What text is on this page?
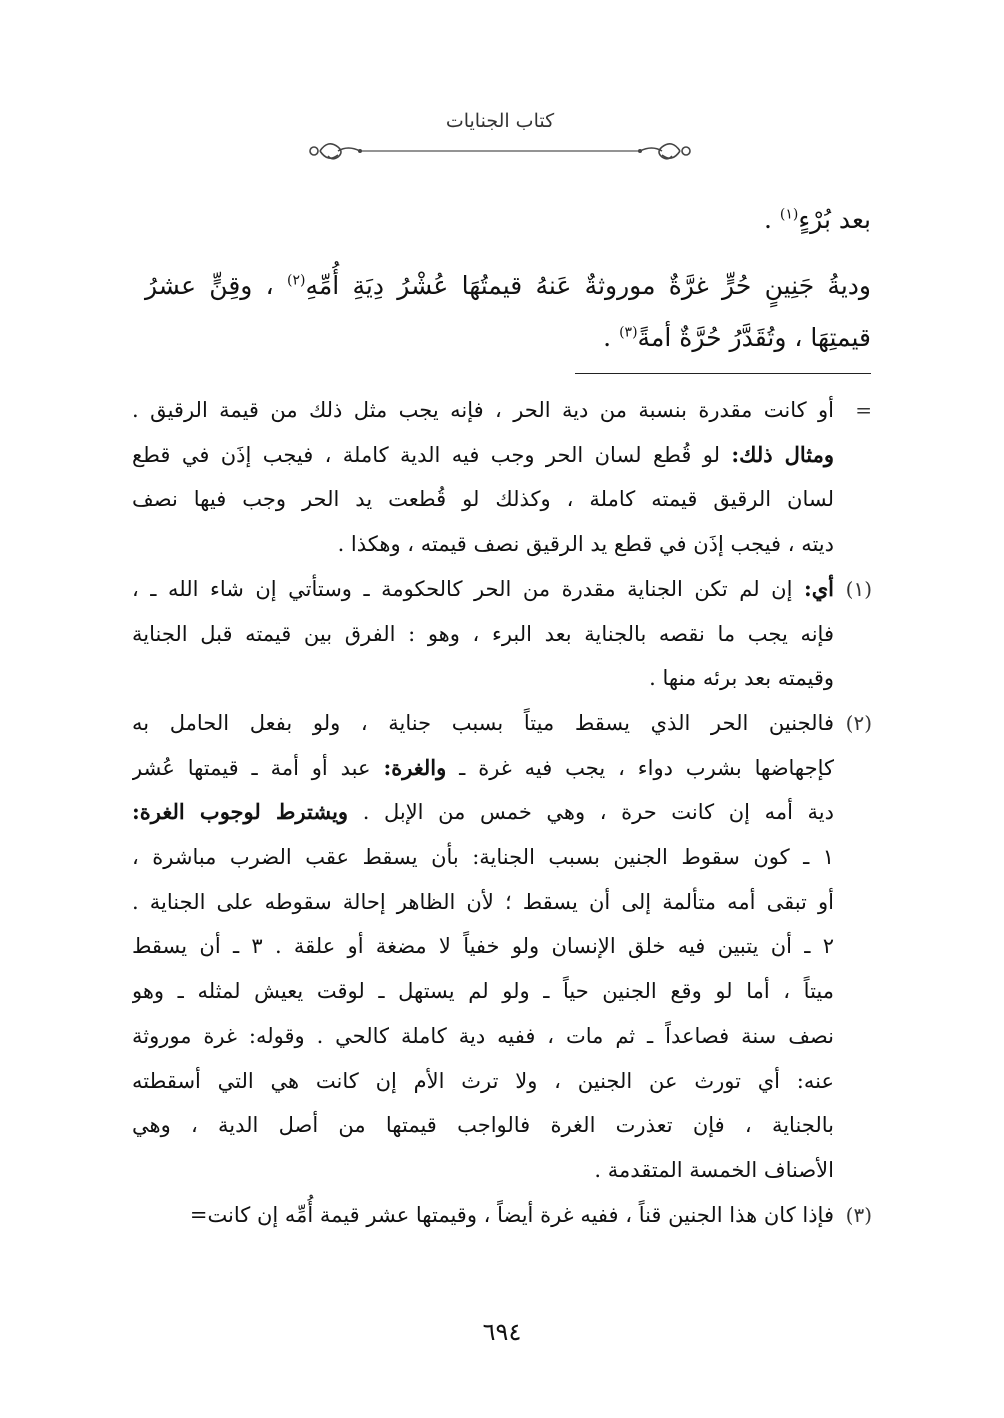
كتاب الجنايات
بعد بُرْءٍ$^{(١)}$ .
وديةُ جَنِينٍ حُرٍّ غرَّةٌ موروثةٌ عَنهُ قيمتُهَا عُشْرُ دِيَةِ أُمِّهِ$^{(٢)}$ ، وقِنٍّ عشرُ
قيمتِهَا ، وتُقَدَّرُ حُرَّةٌ أمةً$^{(٣)}$ .
=
أو كانت مقدرة بنسبة من دية الحر ، فإنه يجب مثل ذلك من قيمة الرقيق .
ومثال ذلك: لو قُطع لسان الحر وجب فيه الدية كاملة ، فيجب إذَن في قطع
لسان الرقيق قيمته كاملة ، وكذلك لو قُطعت يد الحر وجب فيها نصف
ديته ، فيجب إذَن في قطع يد الرقيق نصف قيمته ، وهكذا .
(١)
أي: إن لم تكن الجناية مقدرة من الحر كالحكومة ـ وستأتي إن شاء الله ـ ،
فإنه يجب ما نقصه بالجناية بعد البرء ، وهو : الفرق بين قيمته قبل الجناية
وقيمته بعد برئه منها .
(٢)
فالجنين الحر الذي يسقط ميتاً بسبب جناية ، ولو بفعل الحامل به
كإجهاضها بشرب دواء ، يجب فيه غرة ـ والغرة: عبد أو أمة ـ قيمتها عُشر
دية أمه إن كانت حرة ، وهي خمس من الإبل . ويشترط لوجوب الغرة:
١ ـ كون سقوط الجنين بسبب الجناية: بأن يسقط عقب الضرب مباشرة ،
أو تبقى أمه متألمة إلى أن يسقط ؛ لأن الظاهر إحالة سقوطه على الجناية .
٢ ـ أن يتبين فيه خلق الإنسان ولو خفياً لا مضغة أو علقة . ٣ ـ أن يسقط
ميتاً ، أما لو وقع الجنين حياً ـ ولو لم يستهل ـ لوقت يعيش لمثله ـ وهو
نصف سنة فصاعداً ـ ثم مات ، ففيه دية كاملة كالحي . وقوله: غرة موروثة
عنه: أي تورث عن الجنين ، ولا ترث الأم إن كانت هي التي أسقطته
بالجناية ، فإن تعذرت الغرة فالواجب قيمتها من أصل الدية ، وهي
الأصناف الخمسة المتقدمة .
(٣)
فإذا كان هذا الجنين قناً ، ففيه غرة أيضاً ، وقيمتها عشر قيمة أُمِّه إن كانت=
٦٩٤
